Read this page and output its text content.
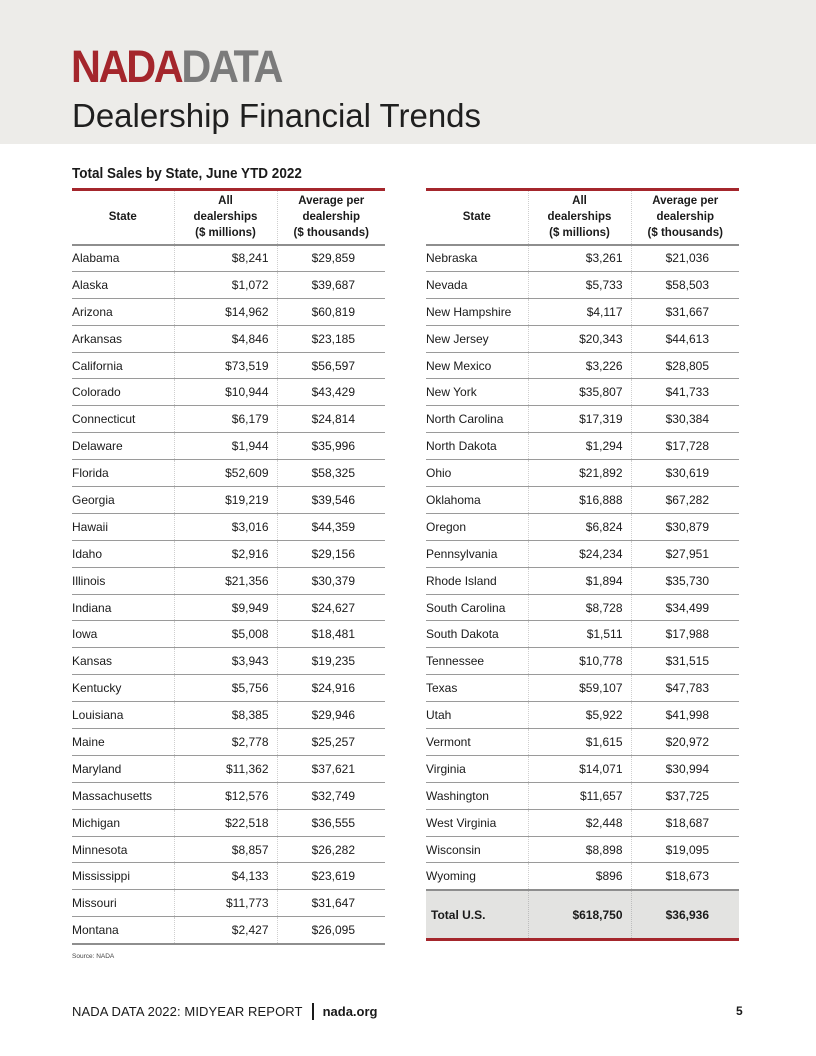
NADADATA
Dealership Financial Trends
Total Sales by State, June YTD 2022
State	All
dealerships
($ millions)	Average per
dealership
($ thousands)
Alabama	$8,241	$29,859
Alaska	$1,072	$39,687
Arizona	$14,962	$60,819
Arkansas	$4,846	$23,185
California	$73,519	$56,597
Colorado	$10,944	$43,429
Connecticut	$6,179	$24,814
Delaware	$1,944	$35,996
Florida	$52,609	$58,325
Georgia	$19,219	$39,546
Hawaii	$3,016	$44,359
Idaho	$2,916	$29,156
Illinois	$21,356	$30,379
Indiana	$9,949	$24,627
Iowa	$5,008	$18,481
Kansas	$3,943	$19,235
Kentucky	$5,756	$24,916
Louisiana	$8,385	$29,946
Maine	$2,778	$25,257
Maryland	$11,362	$37,621
Massachusetts	$12,576	$32,749
Michigan	$22,518	$36,555
Minnesota	$8,857	$26,282
Mississippi	$4,133	$23,619
Missouri	$11,773	$31,647
Montana	$2,427	$26,095
State	All
dealerships
($ millions)	Average per
dealership
($ thousands)
Nebraska	$3,261	$21,036
Nevada	$5,733	$58,503
New Hampshire	$4,117	$31,667
New Jersey	$20,343	$44,613
New Mexico	$3,226	$28,805
New York	$35,807	$41,733
North Carolina	$17,319	$30,384
North Dakota	$1,294	$17,728
Ohio	$21,892	$30,619
Oklahoma	$16,888	$67,282
Oregon	$6,824	$30,879
Pennsylvania	$24,234	$27,951
Rhode Island	$1,894	$35,730
South Carolina	$8,728	$34,499
South Dakota	$1,511	$17,988
Tennessee	$10,778	$31,515
Texas	$59,107	$47,783
Utah	$5,922	$41,998
Vermont	$1,615	$20,972
Virginia	$14,071	$30,994
Washington	$11,657	$37,725
West Virginia	$2,448	$18,687
Wisconsin	$8,898	$19,095
Wyoming	$896	$18,673
Total U.S.	$618,750	$36,936
Source: NADA
NADA DATA 2022: MIDYEAR REPORT nada.org	5
